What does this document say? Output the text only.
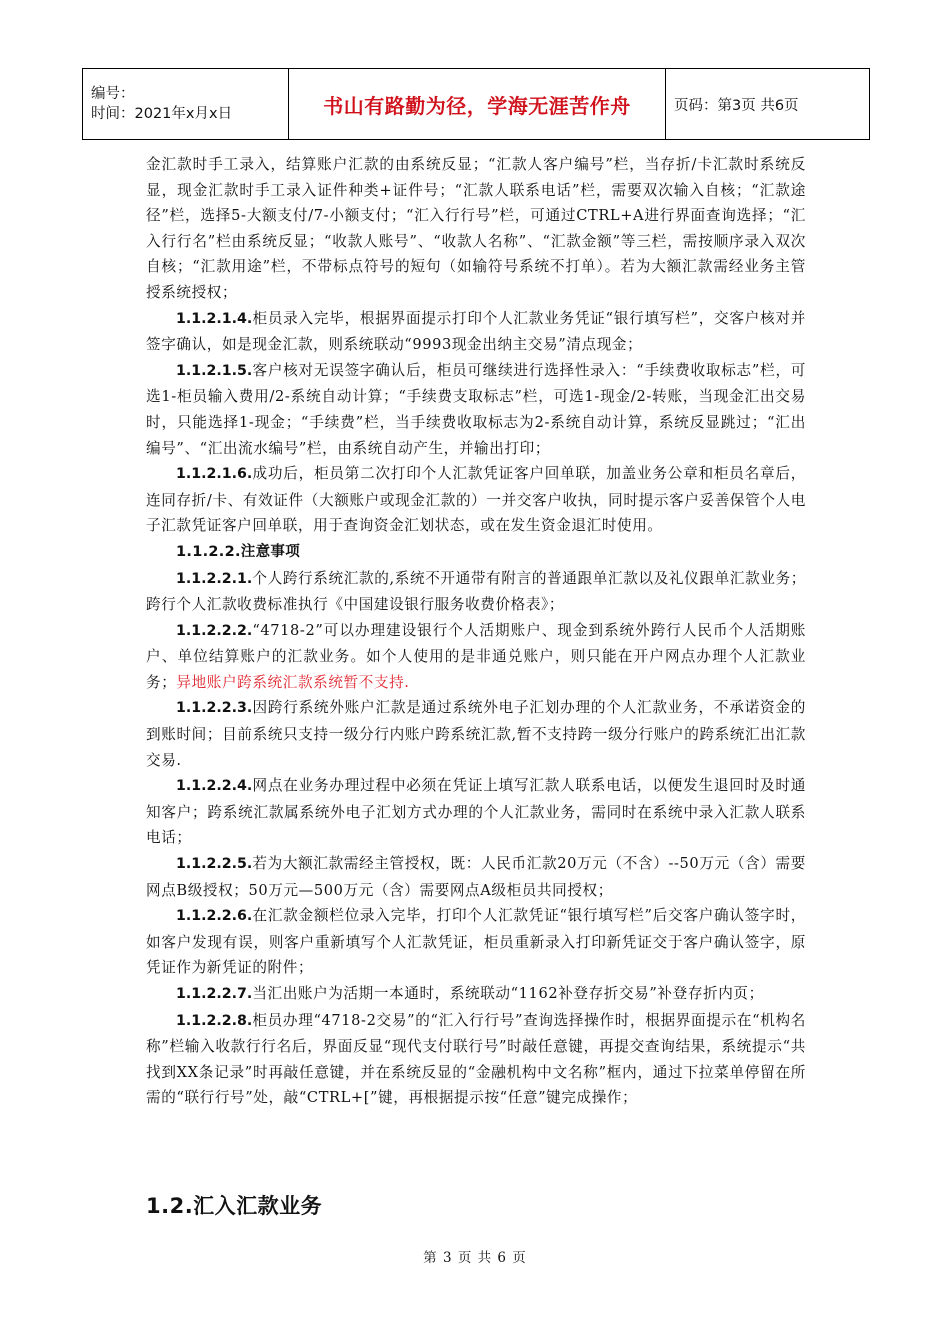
编号：
时间：2021年x月x日	书山有路勤为径，学海无涯苦作舟	页码：第3页 共6页

金汇款时手工录入，结算账户汇款的由系统反显；“汇款人客户编号”栏，当存折/卡汇款时系统反显，现金汇款时手工录入证件种类+证件号；“汇款人联系电话”栏，需要双次输入自核；“汇款途径”栏，选择5-大额支付/7-小额支付；“汇入行行号”栏，可通过CTRL+A进行界面查询选择；“汇入行行名”栏由系统反显；“收款人账号”、“收款人名称”、“汇款金额”等三栏，需按顺序录入双次自核；“汇款用途”栏，不带标点符号的短句（如输符号系统不打单）。若为大额汇款需经业务主管授系统授权；

1.1.2.1.4.柜员录入完毕，根据界面提示打印个人汇款业务凭证“银行填写栏”，交客户核对并签字确认，如是现金汇款，则系统联动“9993现金出纳主交易”清点现金；

1.1.2.1.5.客户核对无误签字确认后，柜员可继续进行选择性录入：“手续费收取标志”栏，可选1-柜员输入费用/2-系统自动计算；“手续费支取标志”栏，可选1-现金/2-转账，当现金汇出交易时，只能选择1-现金；“手续费”栏，当手续费收取标志为2-系统自动计算，系统反显跳过；“汇出编号”、“汇出流水编号”栏，由系统自动产生，并输出打印；

1.1.2.1.6.成功后，柜员第二次打印个人汇款凭证客户回单联，加盖业务公章和柜员名章后，连同存折/卡、有效证件（大额账户或现金汇款的）一并交客户收执，同时提示客户妥善保管个人电子汇款凭证客户回单联，用于查询资金汇划状态，或在发生资金退汇时使用。

1.1.2.2.注意事项

1.1.2.2.1.个人跨行系统汇款的,系统不开通带有附言的普通跟单汇款以及礼仪跟单汇款业务；跨行个人汇款收费标准执行《中国建设银行服务收费价格表》；

1.1.2.2.2.“4718-2”可以办理建设银行个人活期账户、现金到系统外跨行人民币个人活期账户、单位结算账户的汇款业务。如个人使用的是非通兑账户，则只能在开户网点办理个人汇款业务；异地账户跨系统汇款系统暂不支持.

1.1.2.2.3.因跨行系统外账户汇款是通过系统外电子汇划办理的个人汇款业务，不承诺资金的到账时间；目前系统只支持一级分行内账户跨系统汇款,暂不支持跨一级分行账户的跨系统汇出汇款交易.

1.1.2.2.4.网点在业务办理过程中必须在凭证上填写汇款人联系电话，以便发生退回时及时通知客户；跨系统汇款属系统外电子汇划方式办理的个人汇款业务，需同时在系统中录入汇款人联系电话；

1.1.2.2.5.若为大额汇款需经主管授权，既：人民币汇款20万元（不含）--50万元（含）需要网点B级授权；50万元—500万元（含）需要网点A级柜员共同授权；

1.1.2.2.6.在汇款金额栏位录入完毕，打印个人汇款凭证“银行填写栏”后交客户确认签字时，如客户发现有误，则客户重新填写个人汇款凭证，柜员重新录入打印新凭证交于客户确认签字，原凭证作为新凭证的附件；

1.1.2.2.7.当汇出账户为活期一本通时，系统联动“1162补登存折交易”补登存折内页；

1.1.2.2.8.柜员办理“4718-2交易”的“汇入行行号”查询选择操作时，根据界面提示在“机构名称”栏输入收款行行名后，界面反显“现代支付联行号”时敲任意键，再提交查询结果，系统提示“共找到XX条记录”时再敲任意键，并在系统反显的“金融机构中文名称”框内，通过下拉菜单停留在所需的“联行行号”处，敲“CTRL+[”键，再根据提示按“任意”键完成操作；

1.2.汇入汇款业务
第 3 页 共 6 页
